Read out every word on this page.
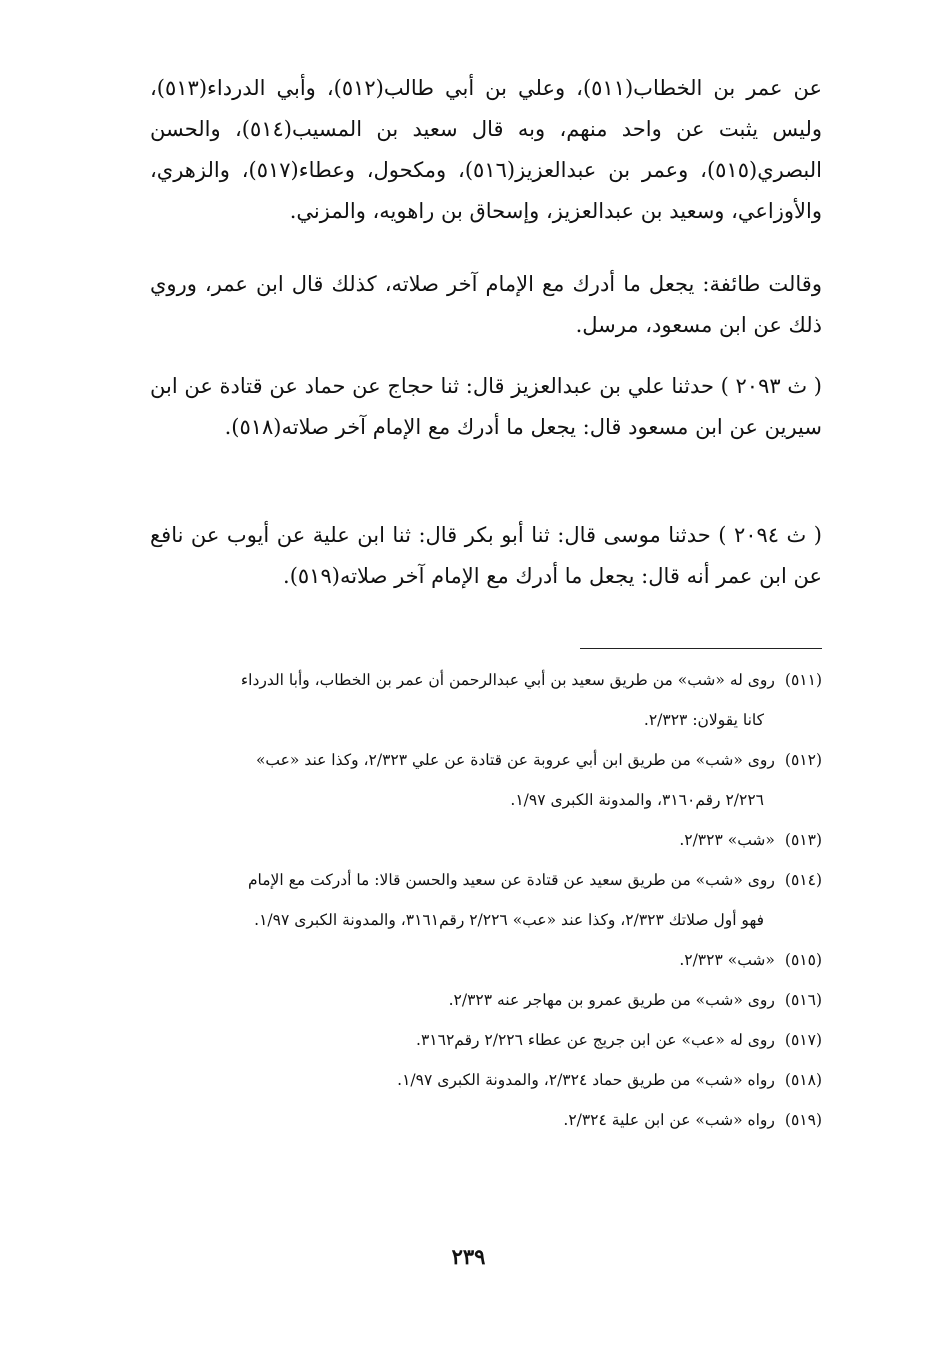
عن عمر بن الخطاب(٥١١)، وعلي بن أبي طالب(٥١٢)، وأبي الدرداء(٥١٣)، وليس يثبت عن واحد منهم، وبه قال سعيد بن المسيب(٥١٤)، والحسن البصري(٥١٥)، وعمر بن عبدالعزيز(٥١٦)، ومكحول، وعطاء(٥١٧)، والزهري، والأوزاعي، وسعيد بن عبدالعزيز، وإسحاق بن راهويه، والمزني.

وقالت طائفة: يجعل ما أدرك مع الإمام آخر صلاته، كذلك قال ابن عمر، وروي ذلك عن ابن مسعود، مرسل.

( ث ٢٠٩٣ ) حدثنا علي بن عبدالعزيز قال: ثنا حجاج عن حماد عن قتادة عن ابن سيرين عن ابن مسعود قال: يجعل ما أدرك مع الإمام آخر صلاته(٥١٨).

( ث ٢٠٩٤ ) حدثنا موسى قال: ثنا أبو بكر قال: ثنا ابن علية عن أيوب عن نافع عن ابن عمر أنه قال: يجعل ما أدرك مع الإمام آخر صلاته(٥١٩).

(٥١١)روى له «شب» من طريق سعيد بن أبي عبدالرحمن أن عمر بن الخطاب، وأبا الدرداء
كانا يقولان: ٢/٣٢٣.
(٥١٢)روى «شب» من طريق ابن أبي عروبة عن قتادة عن علي ٢/٣٢٣، وكذا عند «عب»
٢/٢٢٦ رقم٣١٦٠، والمدونة الكبرى ١/٩٧.
(٥١٣)«شب» ٢/٣٢٣.
(٥١٤)روى «شب» من طريق سعيد عن قتادة عن سعيد والحسن قالا: ما أدركت مع الإمام
فهو أول صلاتك ٢/٣٢٣، وكذا عند «عب» ٢/٢٢٦ رقم٣١٦١، والمدونة الكبرى ١/٩٧.
(٥١٥)«شب» ٢/٣٢٣.
(٥١٦)روى «شب» من طريق عمرو بن مهاجر عنه ٢/٣٢٣.
(٥١٧)روى له «عب» عن ابن جريج عن عطاء ٢/٢٢٦ رقم٣١٦٢.
(٥١٨)رواه «شب» من طريق حماد ٢/٣٢٤، والمدونة الكبرى ١/٩٧.
(٥١٩)رواه «شب» عن ابن علية ٢/٣٢٤.
٢٣٩
